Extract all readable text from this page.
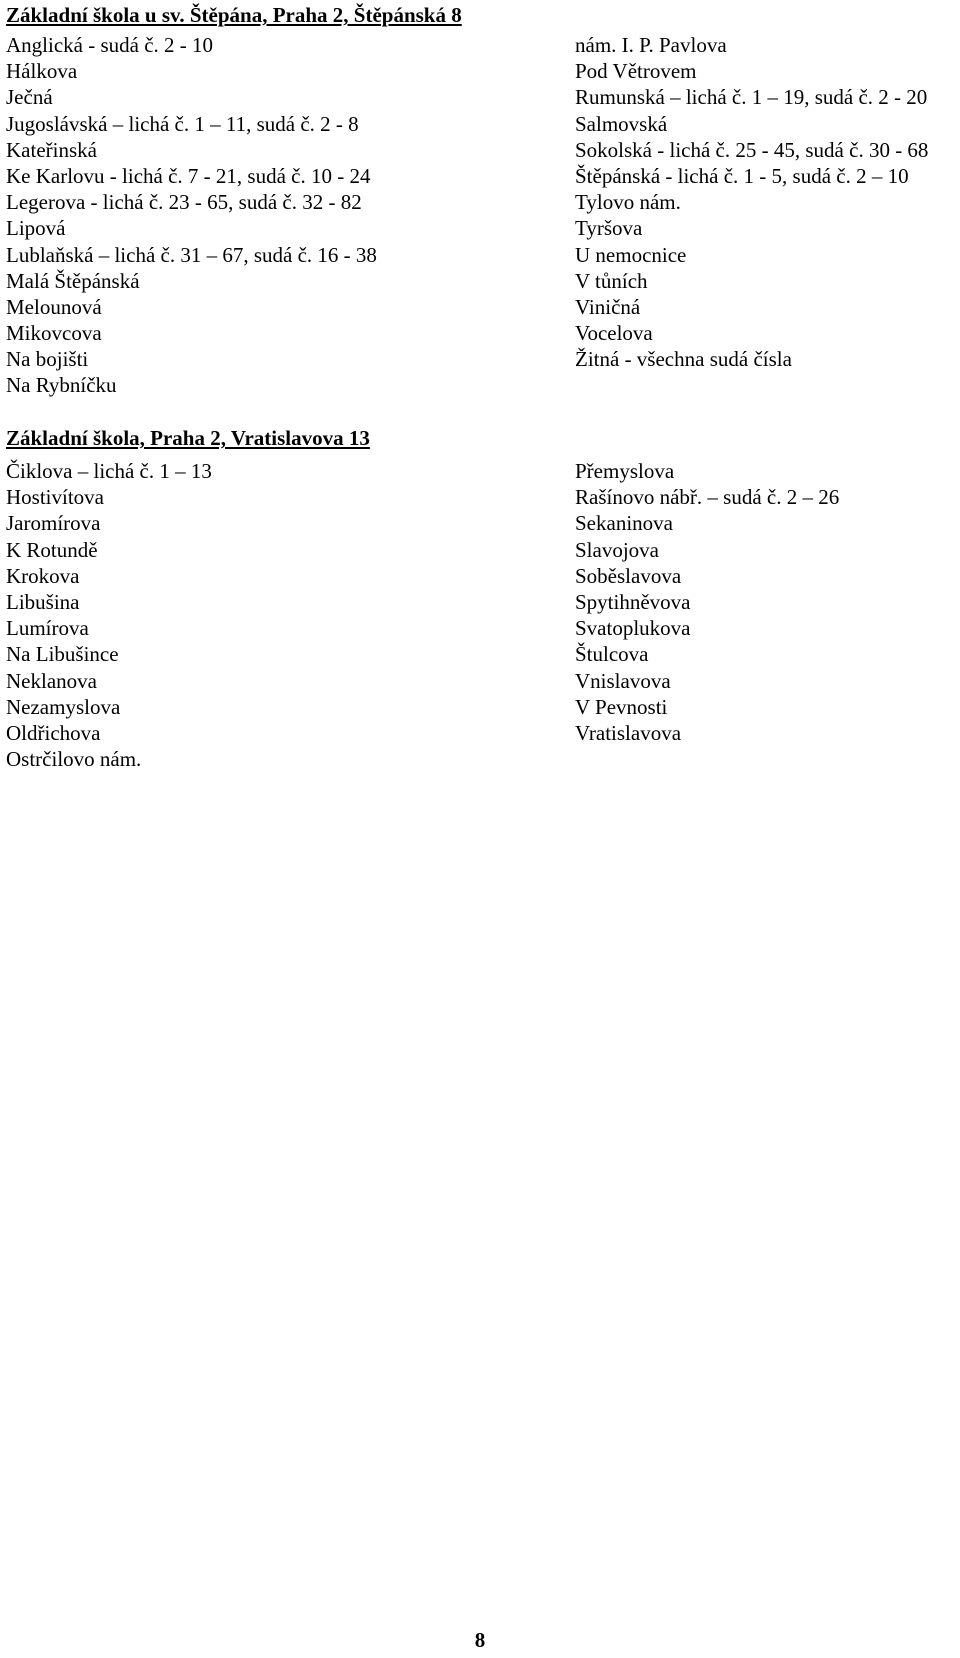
Základní škola u sv. Štěpána, Praha 2, Štěpánská 8
Anglická - sudá č. 2 - 10
Hálkova
Ječná
Jugoslávská – lichá č. 1 – 11, sudá č. 2 - 8
Kateřinská
Ke Karlovu - lichá č. 7 - 21, sudá č. 10 - 24
Legerova - lichá č. 23 - 65, sudá č. 32 - 82
Lipová
Lublaňská – lichá č. 31 – 67, sudá č. 16 - 38
Malá Štěpánská
Melounová
Mikovcova
Na bojišti
Na Rybníčku
nám. I. P. Pavlova
Pod Větrovem
Rumunská – lichá č. 1 – 19, sudá č. 2 - 20
Salmovská
Sokolská - lichá č. 25 - 45, sudá č. 30 - 68
Štěpánská - lichá č. 1 - 5, sudá č. 2 – 10
Tylovo nám.
Tyršova
U nemocnice
V tůních
Viničná
Vocelova
Žitná - všechna sudá čísla
Základní škola, Praha 2, Vratislavova 13
Čiklova – lichá č. 1 – 13
Hostivítova
Jaromírova
K Rotundě
Krokova
Libušina
Lumírova
Na Libušince
Neklanova
Nezamyslova
Oldřichova
Ostrčilovo nám.
Přemyslova
Rašínovo nábř. – sudá č. 2 – 26
Sekaninova
Slavojova
Soběslavova
Spytihněvova
Svatoplukova
Štulcova
Vnislavova
V Pevnosti
Vratislavova
8
